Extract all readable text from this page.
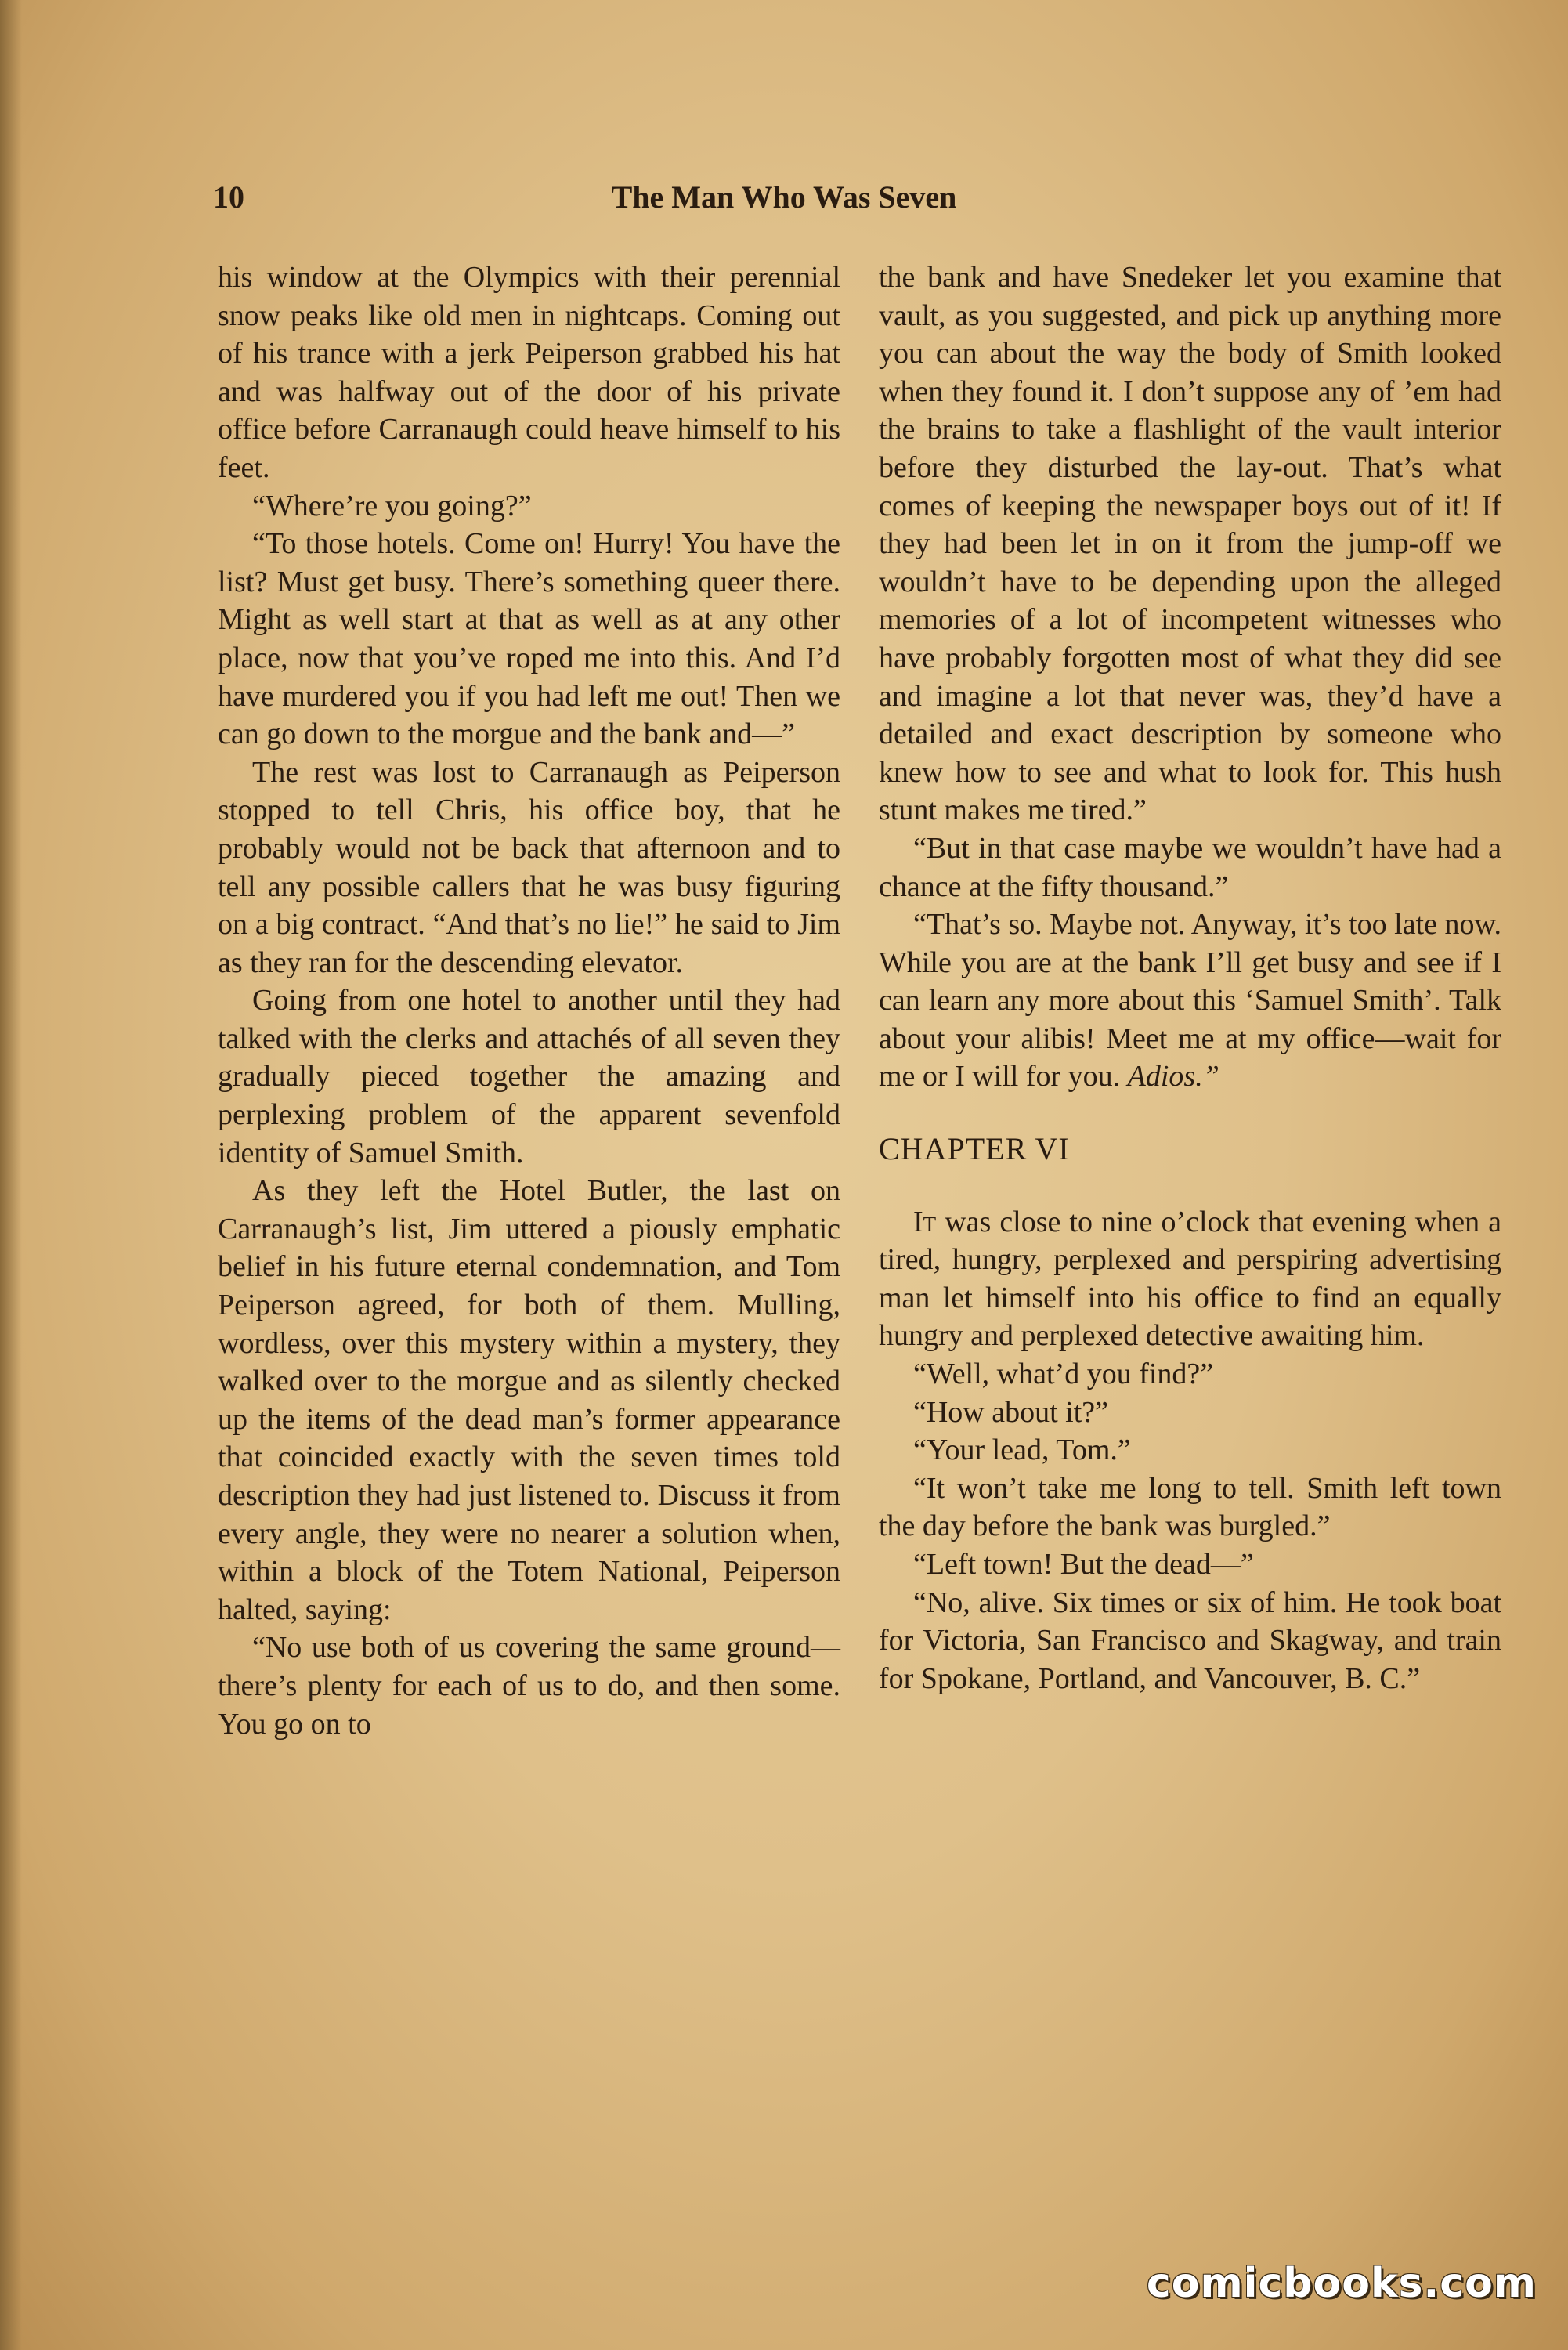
The Man Who Was Seven
10

his window at the Olympics with their perennial snow peaks like old men in nightcaps. Coming out of his trance with a jerk Peiperson grabbed his hat and was halfway out of the door of his private office before Carranaugh could heave himself to his feet.

“Where’re you going?”

“To those hotels. Come on! Hurry! You have the list? Must get busy. There’s something queer there. Might as well start at that as well as at any other place, now that you’ve roped me into this. And I’d have murdered you if you had left me out! Then we can go down to the morgue and the bank and—”

The rest was lost to Carranaugh as Peiperson stopped to tell Chris, his office boy, that he probably would not be back that afternoon and to tell any possible callers that he was busy figuring on a big contract. “And that’s no lie!” he said to Jim as they ran for the descending elevator.

Going from one hotel to another until they had talked with the clerks and attachés of all seven they gradually pieced together the amazing and perplexing problem of the apparent sevenfold identity of Samuel Smith.

As they left the Hotel Butler, the last on Carranaugh’s list, Jim uttered a piously emphatic belief in his future eternal condemnation, and Tom Peiperson agreed, for both of them. Mulling, wordless, over this mystery within a mystery, they walked over to the morgue and as silently checked up the items of the dead man’s former appearance that coincided exactly with the seven times told description they had just listened to. Discuss it from every angle, they were no nearer a solution when, within a block of the Totem National, Peiperson halted, saying:

“No use both of us covering the same ground—there’s plenty for each of us to do, and then some. You go on to

the bank and have Snedeker let you examine that vault, as you suggested, and pick up anything more you can about the way the body of Smith looked when they found it. I don’t suppose any of ’em had the brains to take a flashlight of the vault interior before they disturbed the lay-out. That’s what comes of keeping the newspaper boys out of it! If they had been let in on it from the jump-off we wouldn’t have to be depending upon the alleged memories of a lot of incompetent witnesses who have probably forgotten most of what they did see and imagine a lot that never was, they’d have a detailed and exact description by someone who knew how to see and what to look for. This hush stunt makes me tired.”

“But in that case maybe we wouldn’t have had a chance at the fifty thousand.”

“That’s so. Maybe not. Anyway, it’s too late now. While you are at the bank I’ll get busy and see if I can learn any more about this ‘Samuel Smith’. Talk about your alibis! Meet me at my office—wait for me or I will for you. Adios.”

CHAPTER VI

It was close to nine o’clock that evening when a tired, hungry, perplexed and perspiring advertising man let himself into his office to find an equally hungry and perplexed detective awaiting him.

“Well, what’d you find?”

“How about it?”

“Your lead, Tom.”

“It won’t take me long to tell. Smith left town the day before the bank was burgled.”

“Left town! But the dead—”

“No, alive. Six times or six of him. He took boat for Victoria, San Francisco and Skagway, and train for Spokane, Portland, and Vancouver, B. C.”

comicbooks.com
